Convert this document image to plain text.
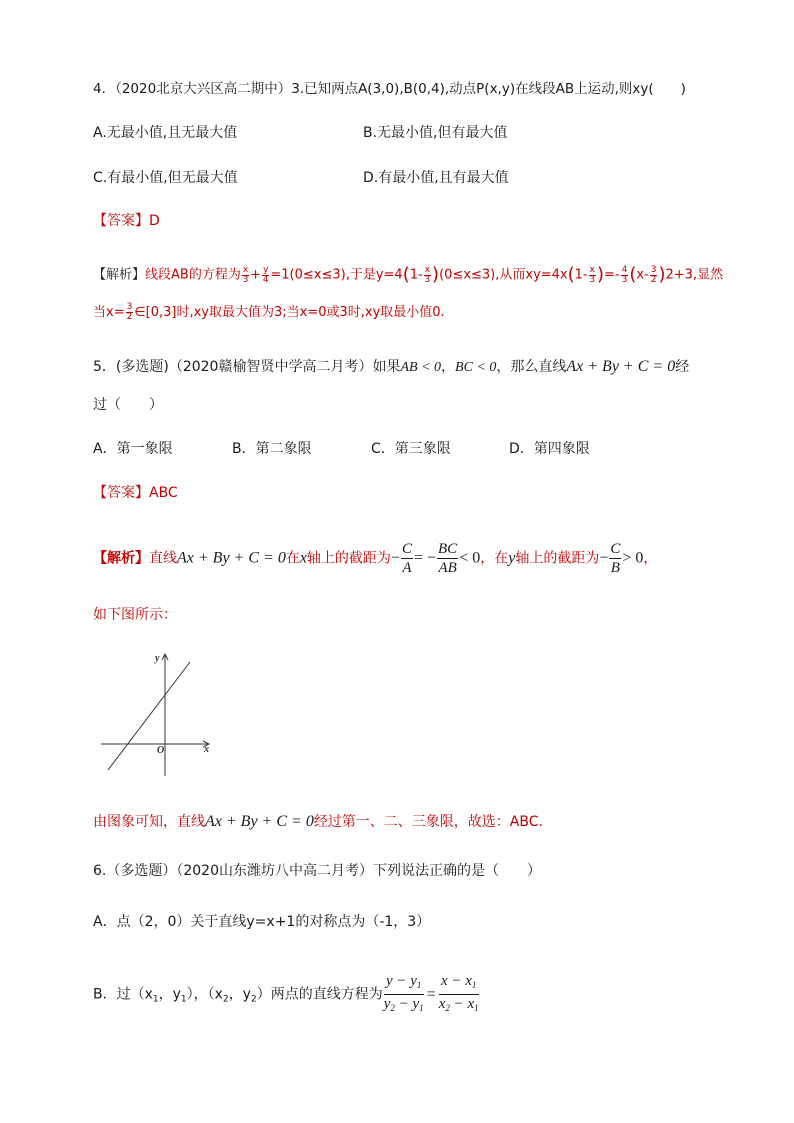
4．（2020北京大兴区高二期中）3.已知两点A(3,0),B(0,4),动点P(x,y)在线段AB上运动,则xy(　　)
A.无最小值,且无最大值	B.无最小值,但有最大值
C.有最小值,但无最大值	D.有最小值,且有最大值
【答案】D
【解析】线段AB的方程为 $\frac{x}{3} + \frac{y}{4} =1(0\le x\le 3)$,于是$y=4(1- \frac{x}{3} )(0\le x\le 3)$,从而$xy=4x(1- \frac{x}{3}$ )=- $\frac{4}{3} (x- \frac{3}{2} )2+3$,显然
当$x= \frac{3}{2}$ ∈[0,3]时,xy取最大值为3;当x=0或3时,xy取最小值0.
5．(多选题)（2020赣榆智贤中学高二月考）如果AB < 0，BC < 0，那么直线Ax + By + C = 0经
过（　　）
A．第一象限	B．第二象限	C．第三象限	D．第四象限
【答案】ABC
【解析】直线Ax + By + C = 0在x轴上的截距为− $\frac{C}{A}$ = − $\frac{BC}{AB} < 0$，在y轴上的截距为− $\frac{C}{B} > 0$，
如下图所示：
y
x
O
由图象可知，直线Ax + By + C = 0经过第一、二、三象限，故选：ABC.
6.（多选题）（2020山东潍坊八中高二月考）下列说法正确的是（　　）
A．点（2，0）关于直线y=x+1的对称点为（-1，3）
B．过（$x_1$，$y_1$），（$x_2$，$y_2$）两点的直线方程为 $\frac{y - y_1}{y_2 - y_1} = \frac{x - x_1}{x_2 - x_1}$
